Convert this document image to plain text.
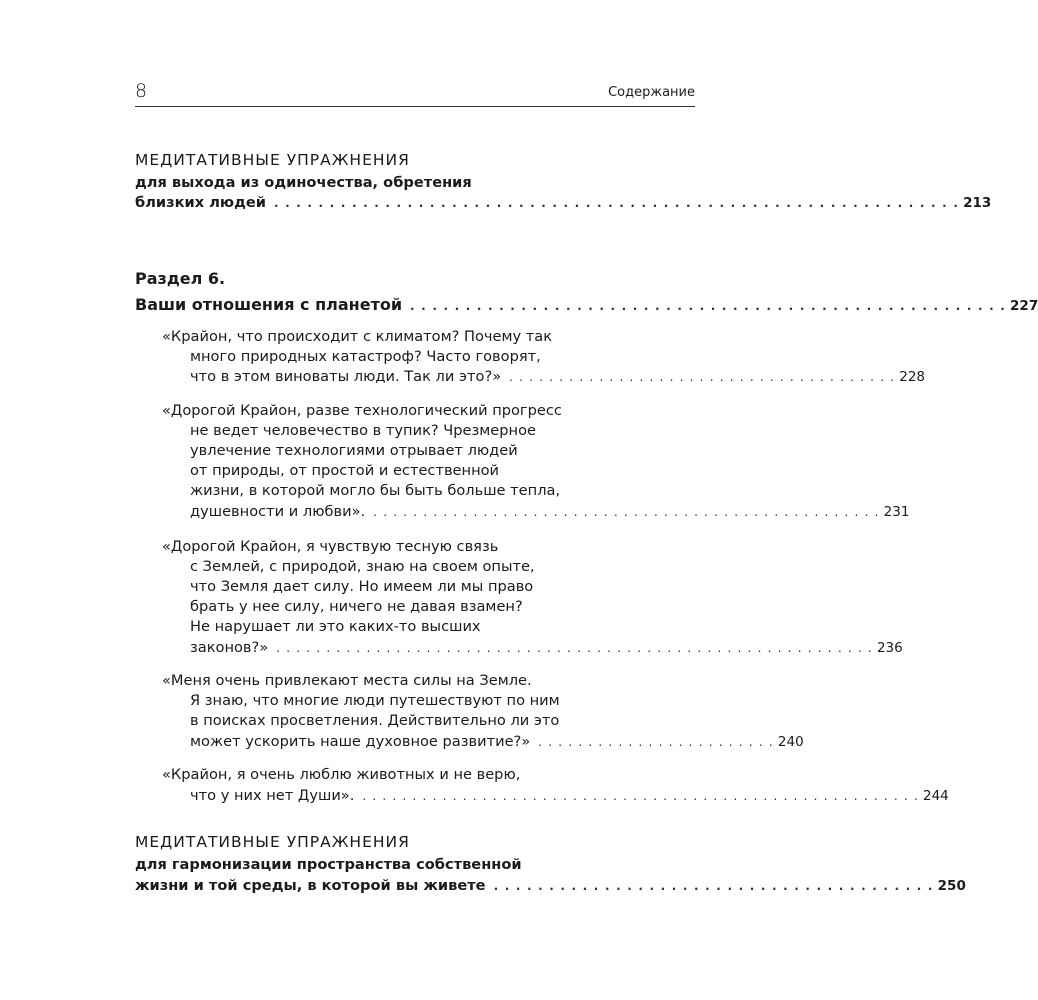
8	Содержание
МЕДИТАТИВНЫЕ УПРАЖНЕНИЯ
для выхода из одиночества, обретения
близких людей . . . . . . . . . . . . . . . . . . . . . . . . . . . . . . . . . . . . . . . . . . . . . . . . . . . . . . . . . . . . . . 213
Раздел 6.
Ваши отношения с планетой . . . . . . . . . . . . . . . . . . . . . . . . . . . . . . . . . . . . . . . . . . . . . . . . . . . . . . 227
«Крайон, что происходит с климатом? Почему так
много природных катастроф? Часто говорят,
что в этом виноваты люди. Так ли это?» . . . . . . . . . . . . . . . . . . . . . . . . . . . . . . . . . . . . . . . 228
«Дорогой Крайон, разве технологический прогресс
не ведет человечество в тупик? Чрезмерное
увлечение технологиями отрывает людей
от природы, от простой и естественной
жизни, в которой могло бы быть больше тепла,
душевности и любви». . . . . . . . . . . . . . . . . . . . . . . . . . . . . . . . . . . . . . . . . . . . . . . . . . . . 231
«Дорогой Крайон, я чувствую тесную связь
с Землей, с природой, знаю на своем опыте,
что Земля дает силу. Но имеем ли мы право
брать у нее силу, ничего не давая взамен?
Не нарушает ли это каких-то высших
законов?» . . . . . . . . . . . . . . . . . . . . . . . . . . . . . . . . . . . . . . . . . . . . . . . . . . . . . . . . . . . . 236
«Меня очень привлекают места силы на Земле.
Я знаю, что многие люди путешествуют по ним
в поисках просветления. Действительно ли это
может ускорить наше духовное развитие?» . . . . . . . . . . . . . . . . . . . . . . . . 240
«Крайон, я очень люблю животных и не верю,
что у них нет Души». . . . . . . . . . . . . . . . . . . . . . . . . . . . . . . . . . . . . . . . . . . . . . . . . . . . . . . . . 244
МЕДИТАТИВНЫЕ УПРАЖНЕНИЯ
для гармонизации пространства собственной
жизни и той среды, в которой вы живете . . . . . . . . . . . . . . . . . . . . . . . . . . . . . . . . . . . . . . . . 250
